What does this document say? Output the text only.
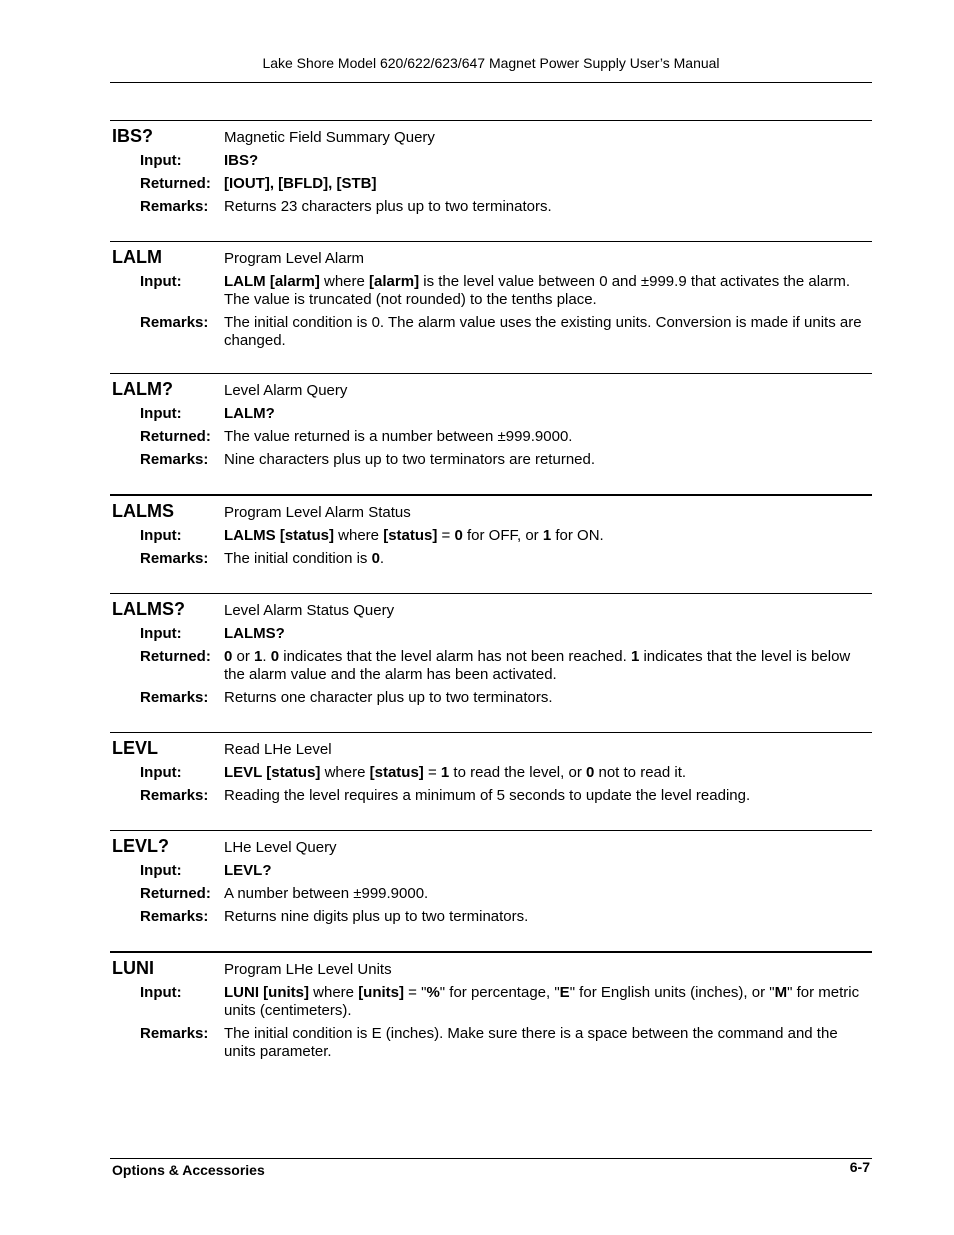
Lake Shore Model 620/622/623/647 Magnet Power Supply User’s Manual
IBS?	Magnetic Field Summary Query
Input:	IBS?
Returned: [IOUT], [BFLD], [STB]
Remarks: Returns 23 characters plus up to two terminators.
LALM	Program Level Alarm
Input:	LALM [alarm] where [alarm] is the level value between 0 and ±999.9 that activates the alarm. The value is truncated (not rounded) to the tenths place.
Remarks: The initial condition is 0. The alarm value uses the existing units. Conversion is made if units are changed.
LALM?	Level Alarm Query
Input:	LALM?
Returned: The value returned is a number between ±999.9000.
Remarks: Nine characters plus up to two terminators are returned.
LALMS	Program Level Alarm Status
Input:	LALMS [status] where [status] = 0 for OFF, or 1 for ON.
Remarks: The initial condition is 0.
LALMS?	Level Alarm Status Query
Input:	LALMS?
Returned: 0 or 1. 0 indicates that the level alarm has not been reached. 1 indicates that the level is below the alarm value and the alarm has been activated.
Remarks: Returns one character plus up to two terminators.
LEVL	Read LHe Level
Input:	LEVL [status] where [status] = 1 to read the level, or 0 not to read it.
Remarks: Reading the level requires a minimum of 5 seconds to update the level reading.
LEVL?	LHe Level Query
Input:	LEVL?
Returned: A number between ±999.9000.
Remarks: Returns nine digits plus up to two terminators.
LUNI	Program LHe Level Units
Input:	LUNI [units] where [units] = "%" for percentage, "E" for English units (inches), or "M" for metric units (centimeters).
Remarks: The initial condition is E (inches). Make sure there is a space between the command and the units parameter.
Options & Accessories	6-7
